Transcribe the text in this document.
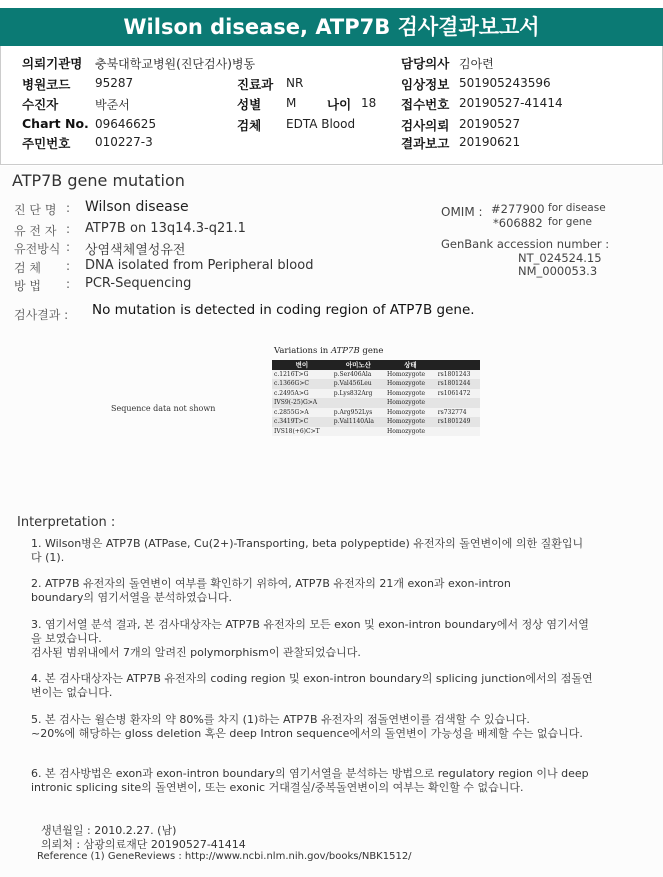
Wilson disease, ATP7B 검사결과보고서
의뢰기관명 충북대학교병원(진단검사)병동	담당의사 김아련
병원코드 95287	진료과 NR	임상정보 501905243596
수진자	박준서	성별 M 나이 18 접수번호 20190527-41414
Chart No. 09646625	검체 EDTA Blood	검사의뢰 20190527
주민번호 010227-3	결과보고 20190621
ATP7B gene mutation
진 단 명 : Wilson disease
유 전 자 : ATP7B on 13q14.3-q21.1
유전방식 : 상염색체열성유전
검 체 : DNA isolated from Peripheral blood
방 법 : PCR-Sequencing
OMIM : #277900 for disease
*606882 for gene
GenBank accession number :
NT_024524.15
NM_000053.3
검사결과 : No mutation is detected in coding region of ATP7B gene.
Sequence data not shown
Variations in ATP7B gene
변이	아미노산	상태	
c.1216T>G	p.Ser406Ala	Homozygote	rs1801243
c.1366G>C	p.Val456Leu	Homozygote	rs1801244
c.2495A>G	p.Lys832Arg	Homozygote	rs1061472
IVS9(-25)G>A		Homozygote	
c.2855G>A	p.Arg952Lys	Homozygote	rs732774
c.3419T>C	p.Val1140Ala	Homozygote	rs1801249
IVS18(+6)C>T		Homozygote	
Interpretation :
1. Wilson병은 ATP7B (ATPase, Cu(2+)-Transporting, beta polypeptide) 유전자의 돌연변이에 의한 질환입니다 (1).
2. ATP7B 유전자의 돌연변이 여부를 확인하기 위하여, ATP7B 유전자의 21개 exon과 exon-intron
boundary의 염기서열을 분석하였습니다.
3. 염기서열 분석 결과, 본 검사대상자는 ATP7B 유전자의 모든 exon 및 exon-intron boundary에서 정상 염기서열을 보였습니다.
검사된 범위내에서 7개의 알려진 polymorphism이 관찰되었습니다.
4. 본 검사대상자는 ATP7B 유전자의 coding region 및 exon-intron boundary의 splicing junction에서의 점돌연변이는 없습니다.
5. 본 검사는 윌슨병 환자의 약 80%를 차지 (1)하는 ATP7B 유전자의 점돌연변이를 검색할 수 있습니다.
~20%에 해당하는 gloss deletion 혹은 deep Intron sequence에서의 돌연변이 가능성을 배제할 수는 없습니다.
6. 본 검사방법은 exon과 exon-intron boundary의 염기서열을 분석하는 방법으로 regulatory region 이나 deep intronic splicing site의 돌연변이, 또는 exonic 거대결실/중복돌연변이의 여부는 확인할 수 없습니다.
생년월일 : 2010.2.27. (남)
의뢰처 : 삼광의료재단 20190527-41414
Reference (1) GeneReviews : http://www.ncbi.nlm.nih.gov/books/NBK1512/
